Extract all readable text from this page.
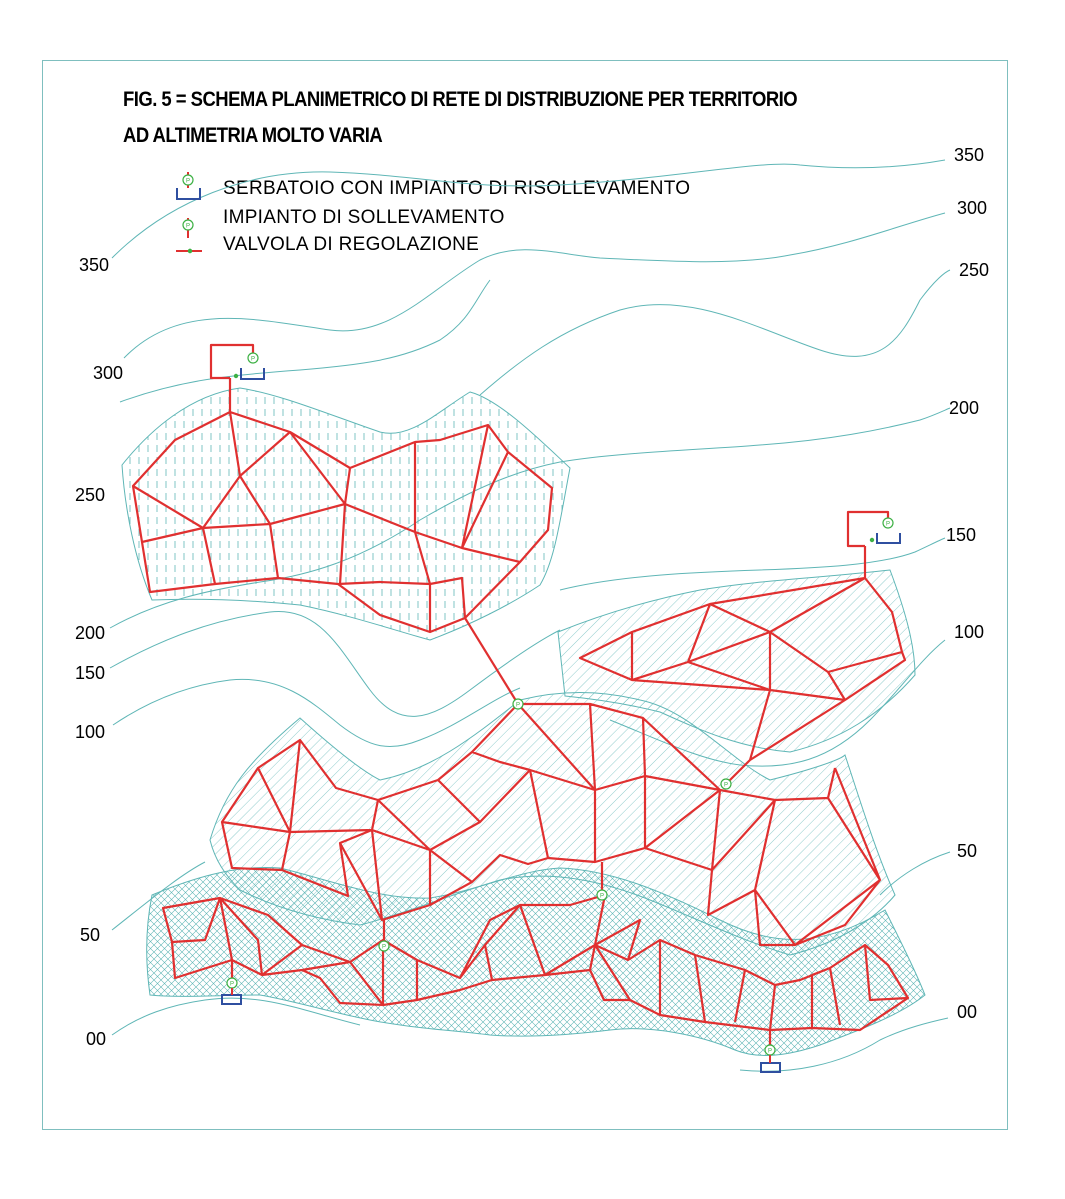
FIG. 5 = SCHEMA PLANIMETRICO DI RETE DI DISTRIBUZIONE PER TERRITORIO
AD ALTIMETRIA MOLTO VARIA
SERBATOIO CON IMPIANTO DI RISOLLEVAMENTO
IMPIANTO DI SOLLEVAMENTO
VALVOLA DI REGOLAZIONE
350
300
250
200
150
100
50
00
350
300
250
200
150
100
50
00
P
P
P
P
P
P
P
P
P
P
